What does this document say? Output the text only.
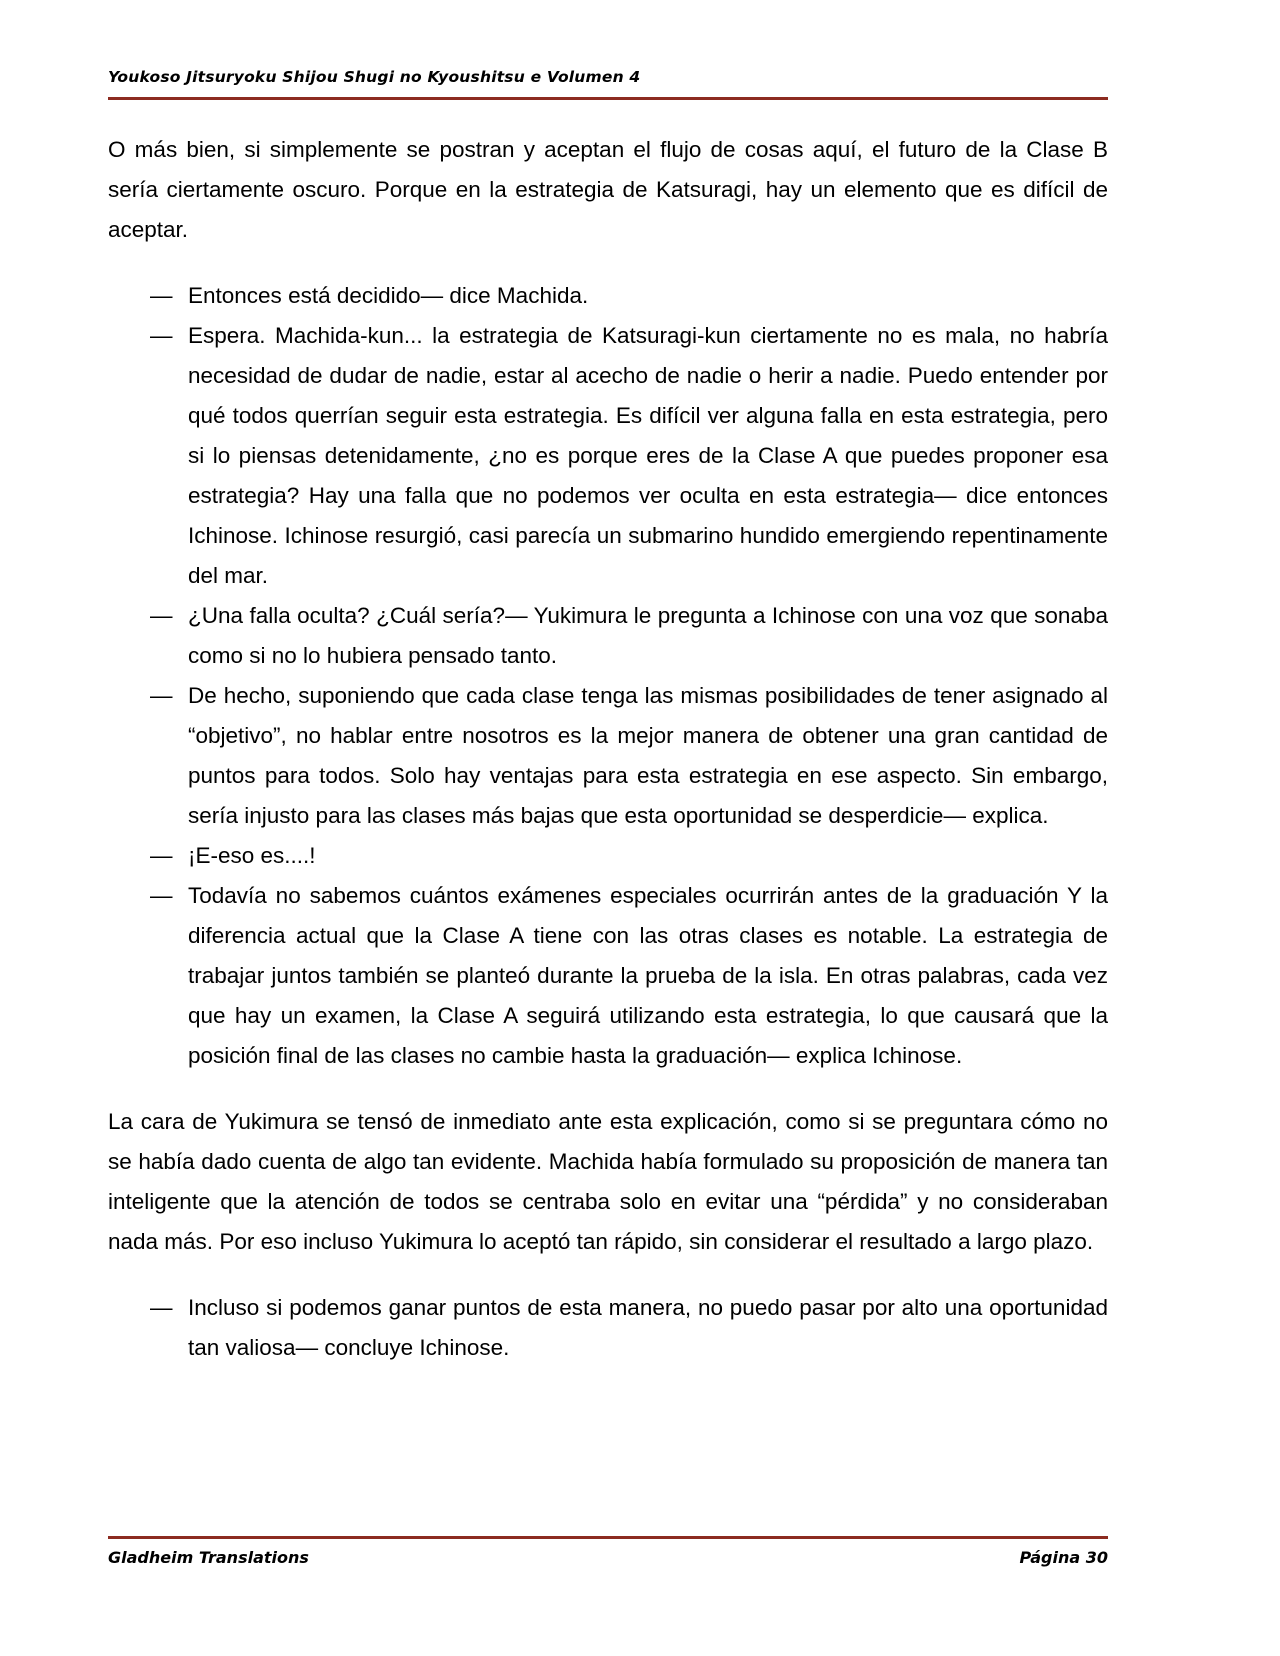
Youkoso Jitsuryoku Shijou Shugi no Kyoushitsu e Volumen 4

O más bien, si simplemente se postran y aceptan el flujo de cosas aquí, el futuro de la Clase B sería ciertamente oscuro. Porque en la estrategia de Katsuragi, hay un elemento que es difícil de aceptar.

— Entonces está decidido— dice Machida.
— Espera. Machida-kun... la estrategia de Katsuragi-kun ciertamente no es mala, no habría necesidad de dudar de nadie, estar al acecho de nadie o herir a nadie. Puedo entender por qué todos querrían seguir esta estrategia. Es difícil ver alguna falla en esta estrategia, pero si lo piensas detenidamente, ¿no es porque eres de la Clase A que puedes proponer esa estrategia? Hay una falla que no podemos ver oculta en esta estrategia— dice entonces Ichinose. Ichinose resurgió, casi parecía un submarino hundido emergiendo repentinamente del mar.
— ¿Una falla oculta? ¿Cuál sería?— Yukimura le pregunta a Ichinose con una voz que sonaba como si no lo hubiera pensado tanto.
— De hecho, suponiendo que cada clase tenga las mismas posibilidades de tener asignado al “objetivo”, no hablar entre nosotros es la mejor manera de obtener una gran cantidad de puntos para todos. Solo hay ventajas para esta estrategia en ese aspecto. Sin embargo, sería injusto para las clases más bajas que esta oportunidad se desperdicie— explica.
— ¡E-eso es....!
— Todavía no sabemos cuántos exámenes especiales ocurrirán antes de la graduación Y la diferencia actual que la Clase A tiene con las otras clases es notable. La estrategia de trabajar juntos también se planteó durante la prueba de la isla. En otras palabras, cada vez que hay un examen, la Clase A seguirá utilizando esta estrategia, lo que causará que la posición final de las clases no cambie hasta la graduación— explica Ichinose.

La cara de Yukimura se tensó de inmediato ante esta explicación, como si se preguntara cómo no se había dado cuenta de algo tan evidente. Machida había formulado su proposición de manera tan inteligente que la atención de todos se centraba solo en evitar una “pérdida” y no consideraban nada más. Por eso incluso Yukimura lo aceptó tan rápido, sin considerar el resultado a largo plazo.

— Incluso si podemos ganar puntos de esta manera, no puedo pasar por alto una oportunidad tan valiosa— concluye Ichinose.
Gladheim Translations	Página 30
